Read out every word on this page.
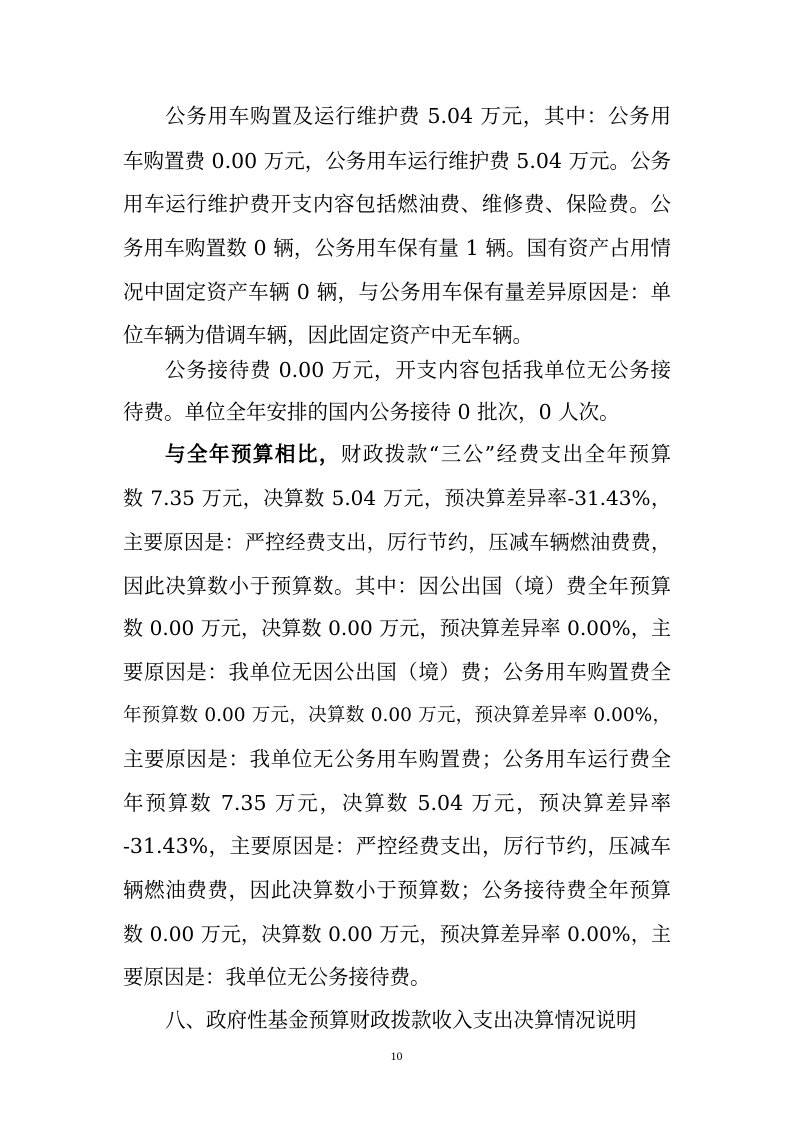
公务用车购置及运行维护费 5.04 万元，其中：公务用
车购置费 0.00 万元，公务用车运行维护费 5.04 万元。公务
用车运行维护费开支内容包括燃油费、维修费、保险费。公
务用车购置数 0 辆，公务用车保有量 1 辆。国有资产占用情
况中固定资产车辆 0 辆，与公务用车保有量差异原因是：单
位车辆为借调车辆，因此固定资产中无车辆。
公务接待费 0.00 万元，开支内容包括我单位无公务接
待费。单位全年安排的国内公务接待 0 批次，0 人次。
与全年预算相比，财政拨款“三公”经费支出全年预算
数 7.35 万元，决算数 5.04 万元，预决算差异率-31.43%，
主要原因是：严控经费支出，厉行节约，压减车辆燃油费费，
因此决算数小于预算数。其中：因公出国（境）费全年预算
数 0.00 万元，决算数 0.00 万元，预决算差异率 0.00%，主
要原因是：我单位无因公出国（境）费；公务用车购置费全
年预算数 0.00 万元，决算数 0.00 万元，预决算差异率 0.00%，
主要原因是：我单位无公务用车购置费；公务用车运行费全
年预算数 7.35 万元，决算数 5.04 万元，预决算差异率
-31.43%，主要原因是：严控经费支出，厉行节约，压减车
辆燃油费费，因此决算数小于预算数；公务接待费全年预算
数 0.00 万元，决算数 0.00 万元，预决算差异率 0.00%，主
要原因是：我单位无公务接待费。
八、政府性基金预算财政拨款收入支出决算情况说明
10
